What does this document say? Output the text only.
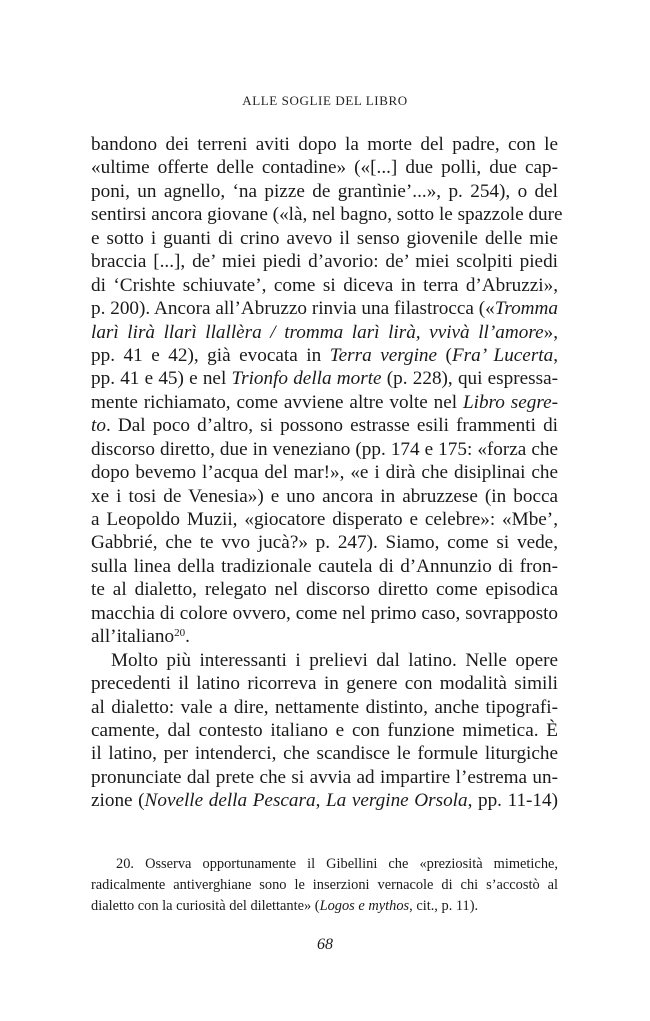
ALLE SOGLIE DEL LIBRO
bandono dei terreni aviti dopo la morte del padre, con le
«ultime offerte delle contadine» («[...] due polli, due cap-
poni, un agnello, ‘na pizze de grantìnie’...», p. 254), o del
sentirsi ancora giovane («là, nel bagno, sotto le spazzole dure
e sotto i guanti di crino avevo il senso giovenile delle mie
braccia [...], de’ miei piedi d’avorio: de’ miei scolpiti piedi
di ‘Crishte schiuvate’, come si diceva in terra d’Abruzzi»,
p. 200). Ancora all’Abruzzo rinvia una filastrocca («Tromma
larì lirà llarì llallèra / tromma larì lirà, vvivà ll’amore»,
pp. 41 e 42), già evocata in Terra vergine (Fra’ Lucerta,
pp. 41 e 45) e nel Trionfo della morte (p. 228), qui espressa-
mente richiamato, come avviene altre volte nel Libro segre-
to. Dal poco d’altro, si possono estrasse esili frammenti di
discorso diretto, due in veneziano (pp. 174 e 175: «forza che
dopo bevemo l’acqua del mar!», «e i dirà che disiplinai che
xe i tosi de Venesia») e uno ancora in abruzzese (in bocca
a Leopoldo Muzii, «giocatore disperato e celebre»: «Mbe’,
Gabbrié, che te vvo jucà?» p. 247). Siamo, come si vede,
sulla linea della tradizionale cautela di d’Annunzio di fron-
te al dialetto, relegato nel discorso diretto come episodica
macchia di colore ovvero, come nel primo caso, sovrapposto
all’italiano$^{20}$.
Molto più interessanti i prelievi dal latino. Nelle opere
precedenti il latino ricorreva in genere con modalità simili
al dialetto: vale a dire, nettamente distinto, anche tipografi-
camente, dal contesto italiano e con funzione mimetica. È
il latino, per intenderci, che scandisce le formule liturgiche
pronunciate dal prete che si avvia ad impartire l’estrema un-
zione (Novelle della Pescara, La vergine Orsola, pp. 11-14)
20. Osserva opportunamente il Gibellini che «preziosità mimetiche,
radicalmente antiverghiane sono le inserzioni vernacole di chi s’accostò al
dialetto con la curiosità del dilettante» (Logos e mythos, cit., p. 11).
68
